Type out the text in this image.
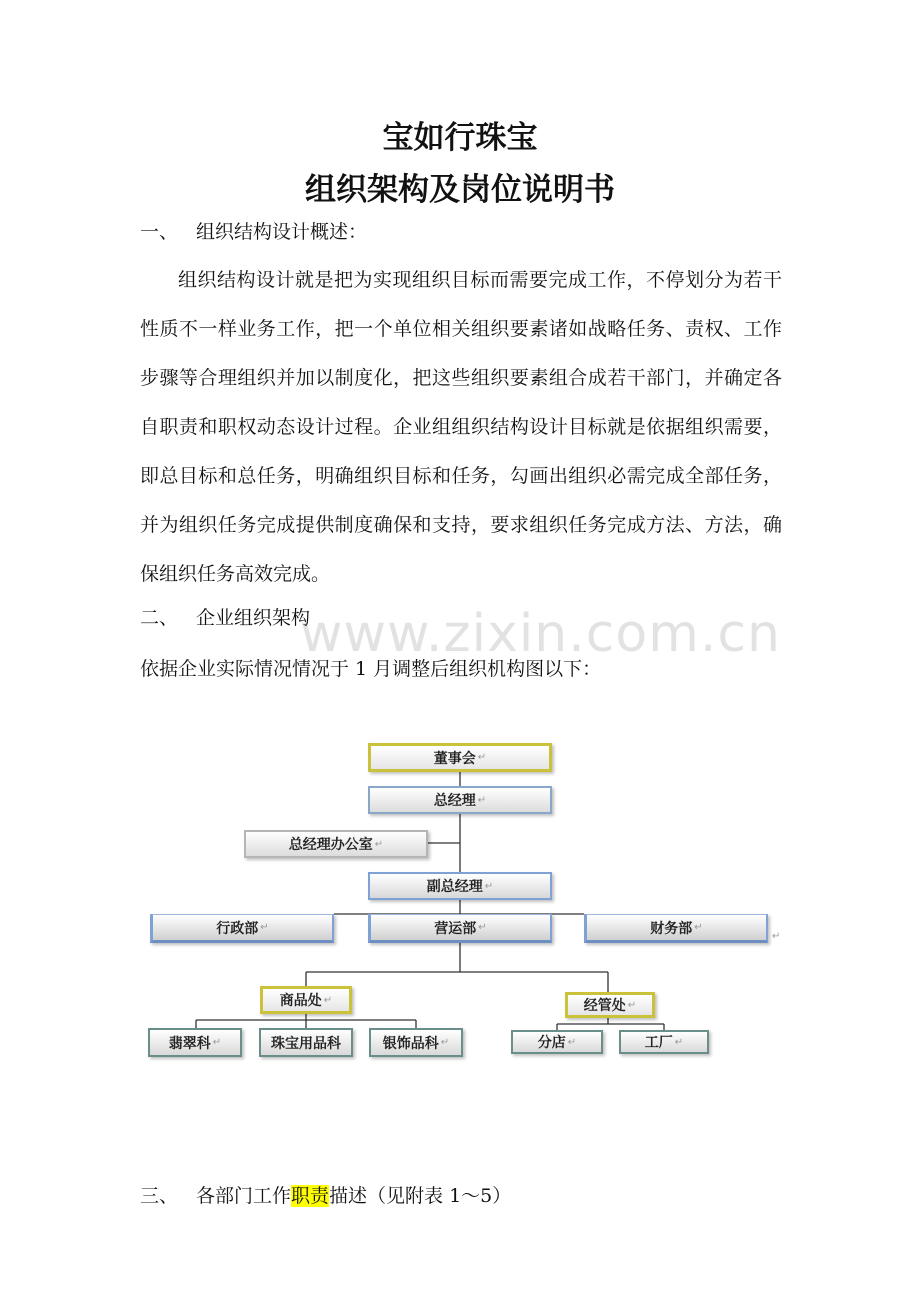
宝如行珠宝
组织架构及岗位说明书
一、 组织结构设计概述：
组织结构设计就是把为实现组织目标而需要完成工作，不停划分为若干性质不一样业务工作，把一个单位相关组织要素诸如战略任务、责权、工作步骤等合理组织并加以制度化，把这些组织要素组合成若干部门，并确定各自职责和职权动态设计过程。企业组组织结构设计目标就是依据组织需要，即总目标和总任务，明确组织目标和任务，勾画出组织必需完成全部任务，并为组织任务完成提供制度确保和支持，要求组织任务完成方法、方法，确保组织任务高效完成。
二、 企业组织架构
依据企业实际情况情况于 1 月调整后组织机构图以下：
www.zixin.com.cn
董事会 ↵
总经理 ↵
总经理办公室 ↵
副总经理 ↵
行政部 ↵	营运部 ↵	财务部 ↵
↵
商品处 ↵	经管处 ↵
翡翠科 ↵	珠宝用品科	银饰品科 ↵	分店 ↵	工厂 ↵
三、 各部门工作职责描述（见附表 1～5）
